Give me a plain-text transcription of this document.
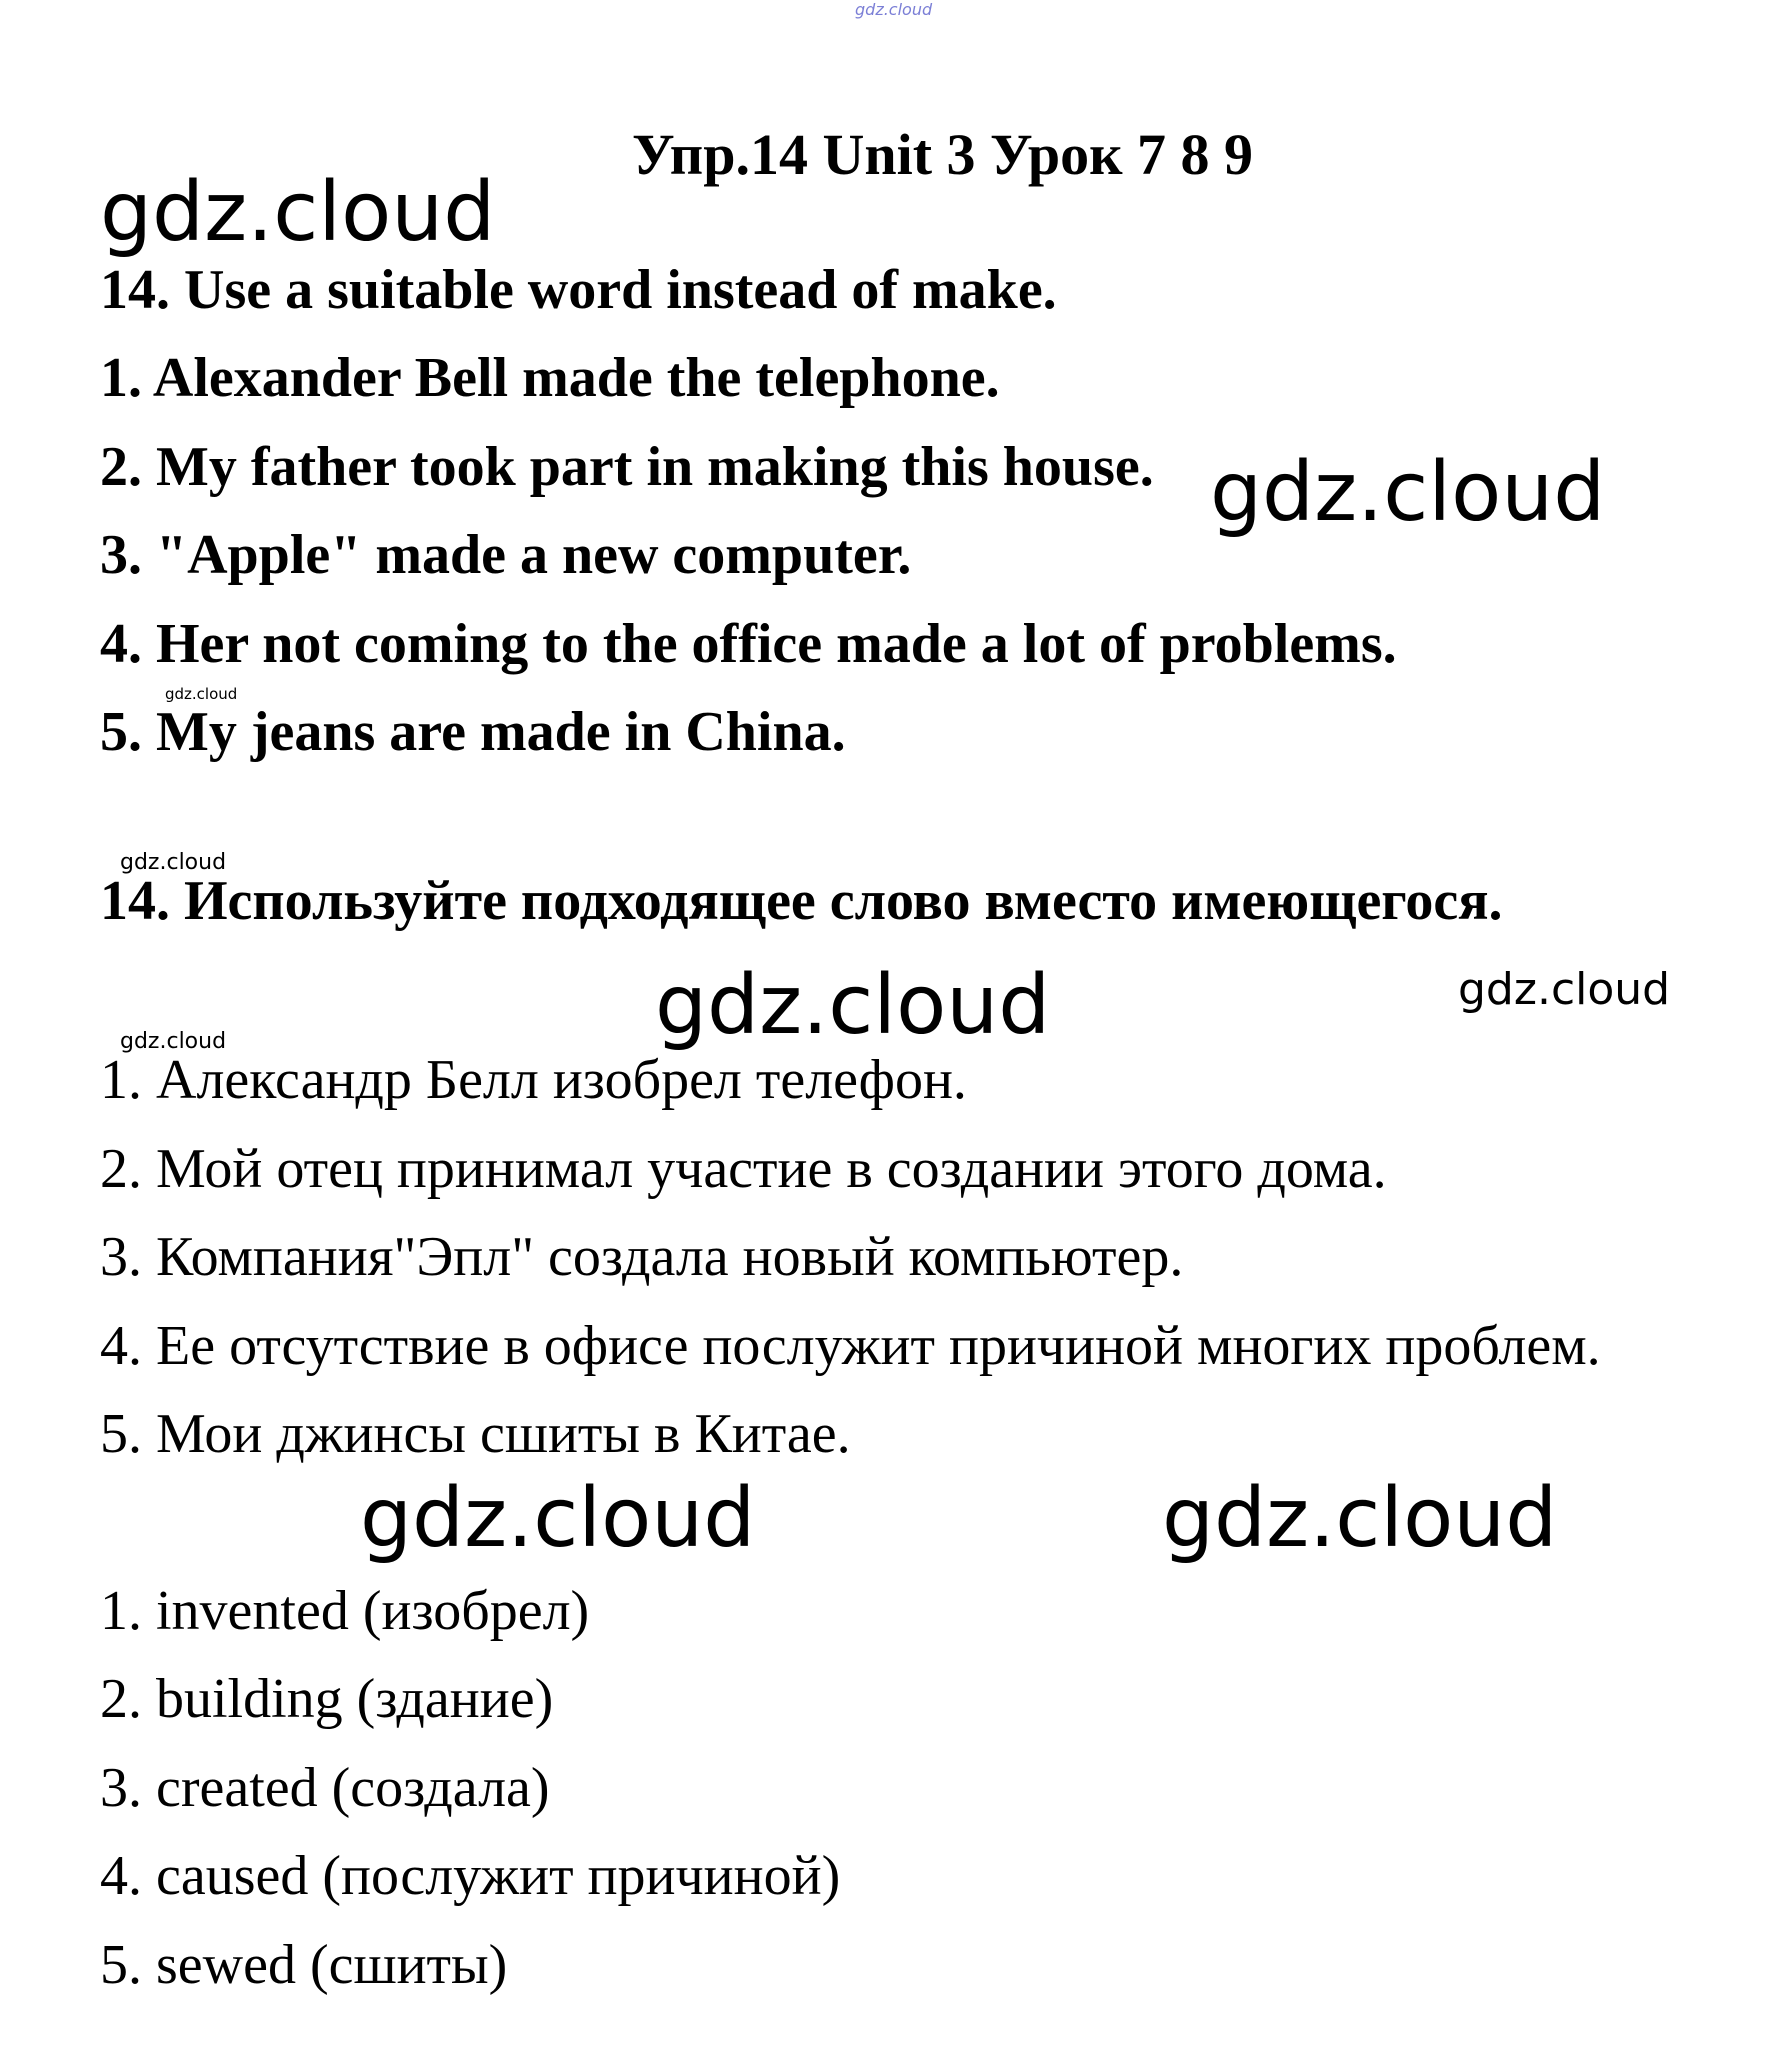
gdz.cloud
gdz.cloud
gdz.cloud
gdz.cloud
gdz.cloud	gdz.cloud
gdz.cloud
gdz.cloud
gdz.cloud
gdz.cloud
Упр.14 Unit 3 Урок 7 8 9
14. Use a suitable word instead of make.
1. Alexander Bell made the telephone.
2. My father took part in making this house.
3. "Apple" made a new computer.
4. Her not coming to the office made a lot of problems.
5. My jeans are made in China.
14. Используйте подходящее слово вместо имеющегося.
1. Александр Белл изобрел телефон.
2. Мой отец принимал участие в создании этого дома.
3. Компания"Эпл" создала новый компьютер.
4. Ее отсутствие в офисе послужит причиной многих проблем.
5. Мои джинсы сшиты в Китае.
1. invented (изобрел)
2. building (здание)
3. created (создала)
4. caused (послужит причиной)
5. sewed (сшиты)
